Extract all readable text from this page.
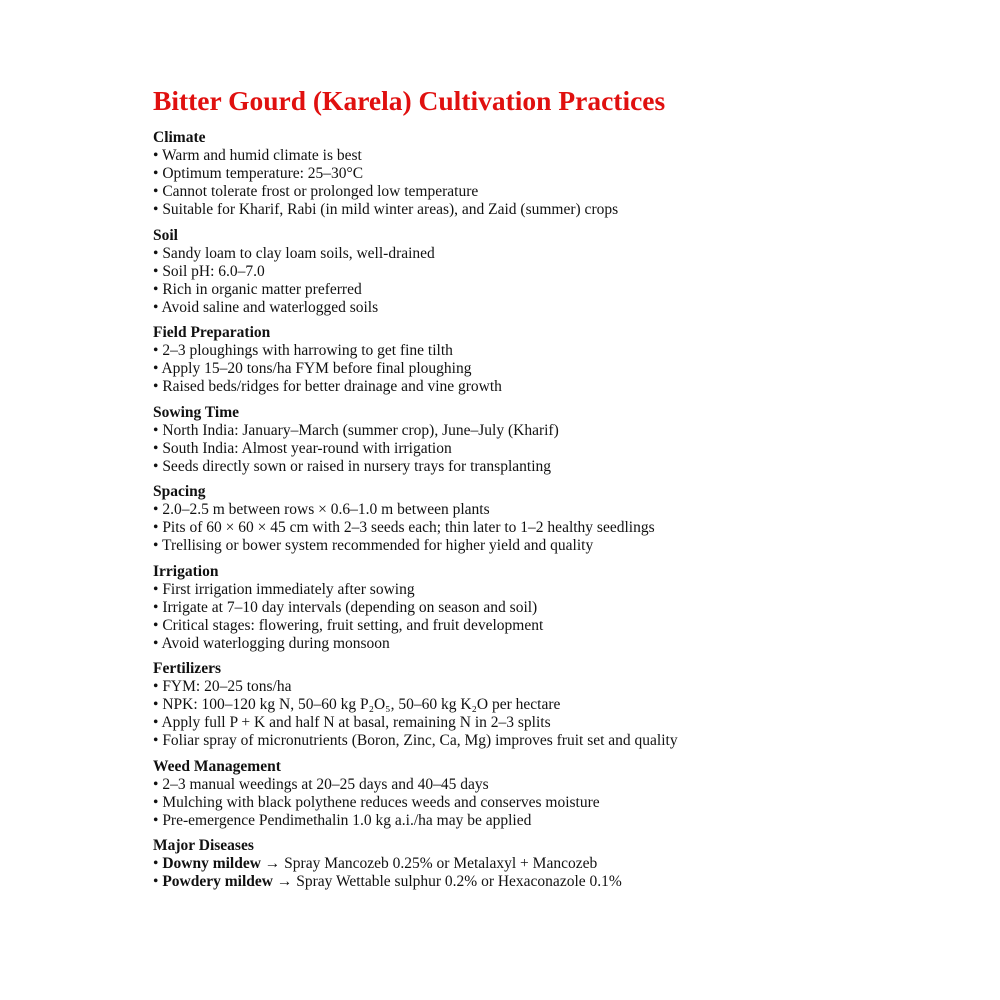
Bitter Gourd (Karela) Cultivation Practices
Climate
• Warm and humid climate is best
• Optimum temperature: 25–30°C
• Cannot tolerate frost or prolonged low temperature
• Suitable for Kharif, Rabi (in mild winter areas), and Zaid (summer) crops
Soil
• Sandy loam to clay loam soils, well-drained
• Soil pH: 6.0–7.0
• Rich in organic matter preferred
• Avoid saline and waterlogged soils
Field Preparation
• 2–3 ploughings with harrowing to get fine tilth
• Apply 15–20 tons/ha FYM before final ploughing
• Raised beds/ridges for better drainage and vine growth
Sowing Time
• North India: January–March (summer crop), June–July (Kharif)
• South India: Almost year-round with irrigation
• Seeds directly sown or raised in nursery trays for transplanting
Spacing
• 2.0–2.5 m between rows × 0.6–1.0 m between plants
• Pits of 60 × 60 × 45 cm with 2–3 seeds each; thin later to 1–2 healthy seedlings
• Trellising or bower system recommended for higher yield and quality
Irrigation
• First irrigation immediately after sowing
• Irrigate at 7–10 day intervals (depending on season and soil)
• Critical stages: flowering, fruit setting, and fruit development
• Avoid waterlogging during monsoon
Fertilizers
• FYM: 20–25 tons/ha
• NPK: 100–120 kg N, 50–60 kg P₂O₅, 50–60 kg K₂O per hectare
• Apply full P + K and half N at basal, remaining N in 2–3 splits
• Foliar spray of micronutrients (Boron, Zinc, Ca, Mg) improves fruit set and quality
Weed Management
• 2–3 manual weedings at 20–25 days and 40–45 days
• Mulching with black polythene reduces weeds and conserves moisture
• Pre-emergence Pendimethalin 1.0 kg a.i./ha may be applied
Major Diseases
• Downy mildew → Spray Mancozeb 0.25% or Metalaxyl + Mancozeb
• Powdery mildew → Spray Wettable sulphur 0.2% or Hexaconazole 0.1%
